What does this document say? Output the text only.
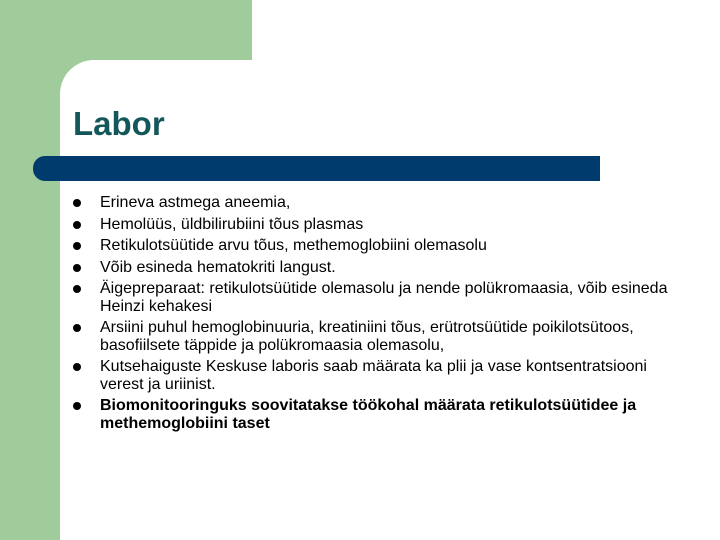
Labor
Erineva astmega aneemia,
Hemolüüs, üldbilirubiini tõus plasmas
Retikulotsüütide arvu tõus, methemoglobiini olemasolu
Võib esineda hematokriti langust.
Äigepreparaat: retikulotsüütide olemasolu ja nende polükromaasia, võib esineda Heinzi kehakesi
Arsiini puhul hemoglobinuuria, kreatiniini tõus, erütrotsüütide poikilotsütoos, basofiilsete täppide ja polükromaasia olemasolu,
Kutsehaiguste Keskuse laboris saab määrata ka plii ja vase kontsentratsiooni verest ja uriinist.
Biomonitooringuks soovitatakse töökohal määrata retikulotsüütidee ja methemoglobiini taset
